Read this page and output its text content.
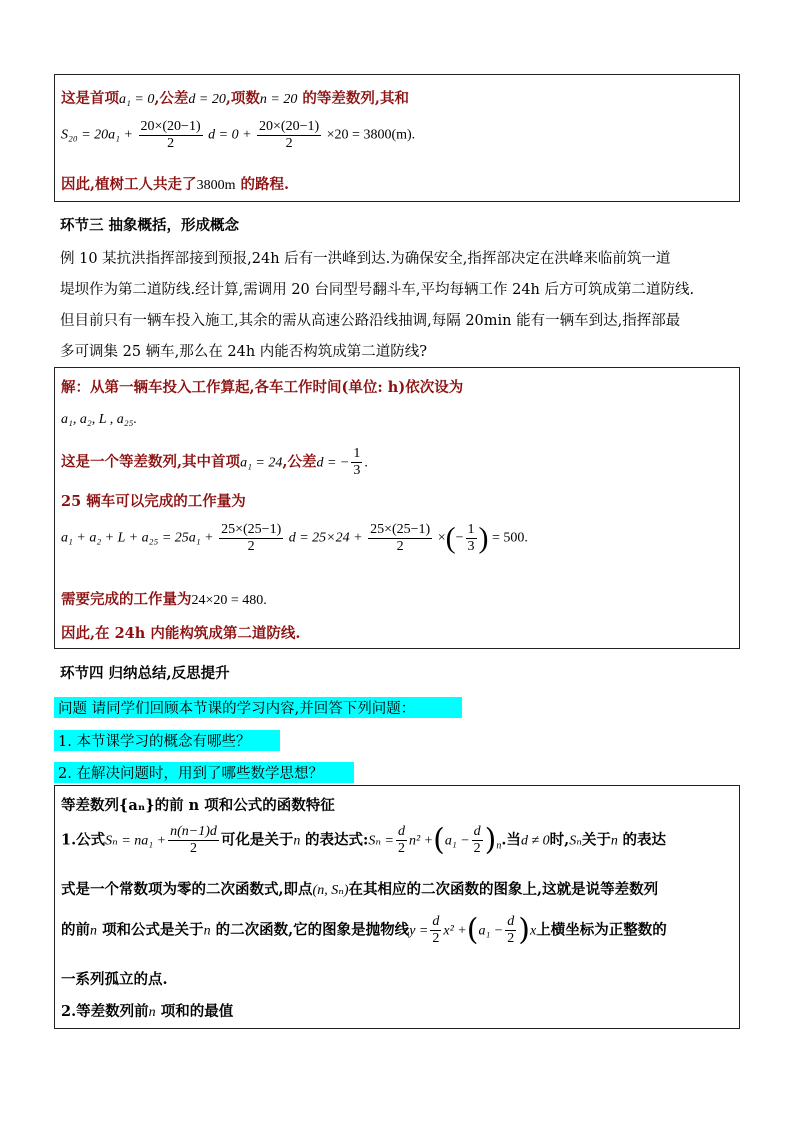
这是首项a₁ = 0,公差d = 20,项数n = 20 的等差数列,其和
$S_{20} = 20a_1 + \frac{20\times(20-1)}{2}$ $d = 0 + \frac{20\times(20-1)}{2} \times 20 = 3800(m)$.
因此,植树工人共走了3800m 的路程.
环节三 抽象概括，形成概念
例 10 某抗洪指挥部接到预报,24h 后有一洪峰到达.为确保安全,指挥部决定在洪峰来临前筑一道
堤坝作为第二道防线.经计算,需调用 20 台同型号翻斗车,平均每辆工作 24h 后方可筑成第二道防线.
但目前只有一辆车投入施工,其余的需从高速公路沿线抽调,每隔 20min 能有一辆车到达,指挥部最
多可调集 25 辆车,那么在 24h 内能否构筑成第二道防线?
解：从第一辆车投入工作算起,各车工作时间(单位: h)依次设为
a₁, a₂, L , a₂₅.
这是一个等差数列,其中首项a₁ = 24,公差d = − $\frac{1}{3}$ .
25 辆车可以完成的工作量为
$a_1 + a_2 + L + a_{25} = 25a_1 + \frac{25\times(25-1)}{2}$ $d = 25\times 24 + \frac{25\times(25-1)}{2}$ ×(− $\frac{1}{3}$ ) = 500.
需要完成的工作量为24×20 = 480.
因此,在 24h 内能构筑成第二道防线.
环节四 归纳总结,反思提升
问题 请同学们回顾本节课的学习内容,并回答下列问题：
1. 本节课学习的概念有哪些？
2. 在解决问题时，用到了哪些数学思想？
等差数列{aₙ}的前 n 项和公式的函数特征
1.公式$S_n = na_1 + \frac{n(n-1)d}{2}$ 可化是关于n 的表达式:Sₙ = $\frac{d}{2} n^2 +(a_1 - \frac{d}{2} )_n$.当d ≠ 0时,Sₙ关于n 的表达
式是一个常数项为零的二次函数式,即点(n, Sₙ)在其相应的二次函数的图象上,这就是说等差数列
的前n 项和公式是关于n 的二次函数,它的图象是抛物线$y = \frac{d}{2} x^2 +(a_1 - \frac{d}{2} )x$上横坐标为正整数的
一系列孤立的点.
2.等差数列前n 项和的最值
